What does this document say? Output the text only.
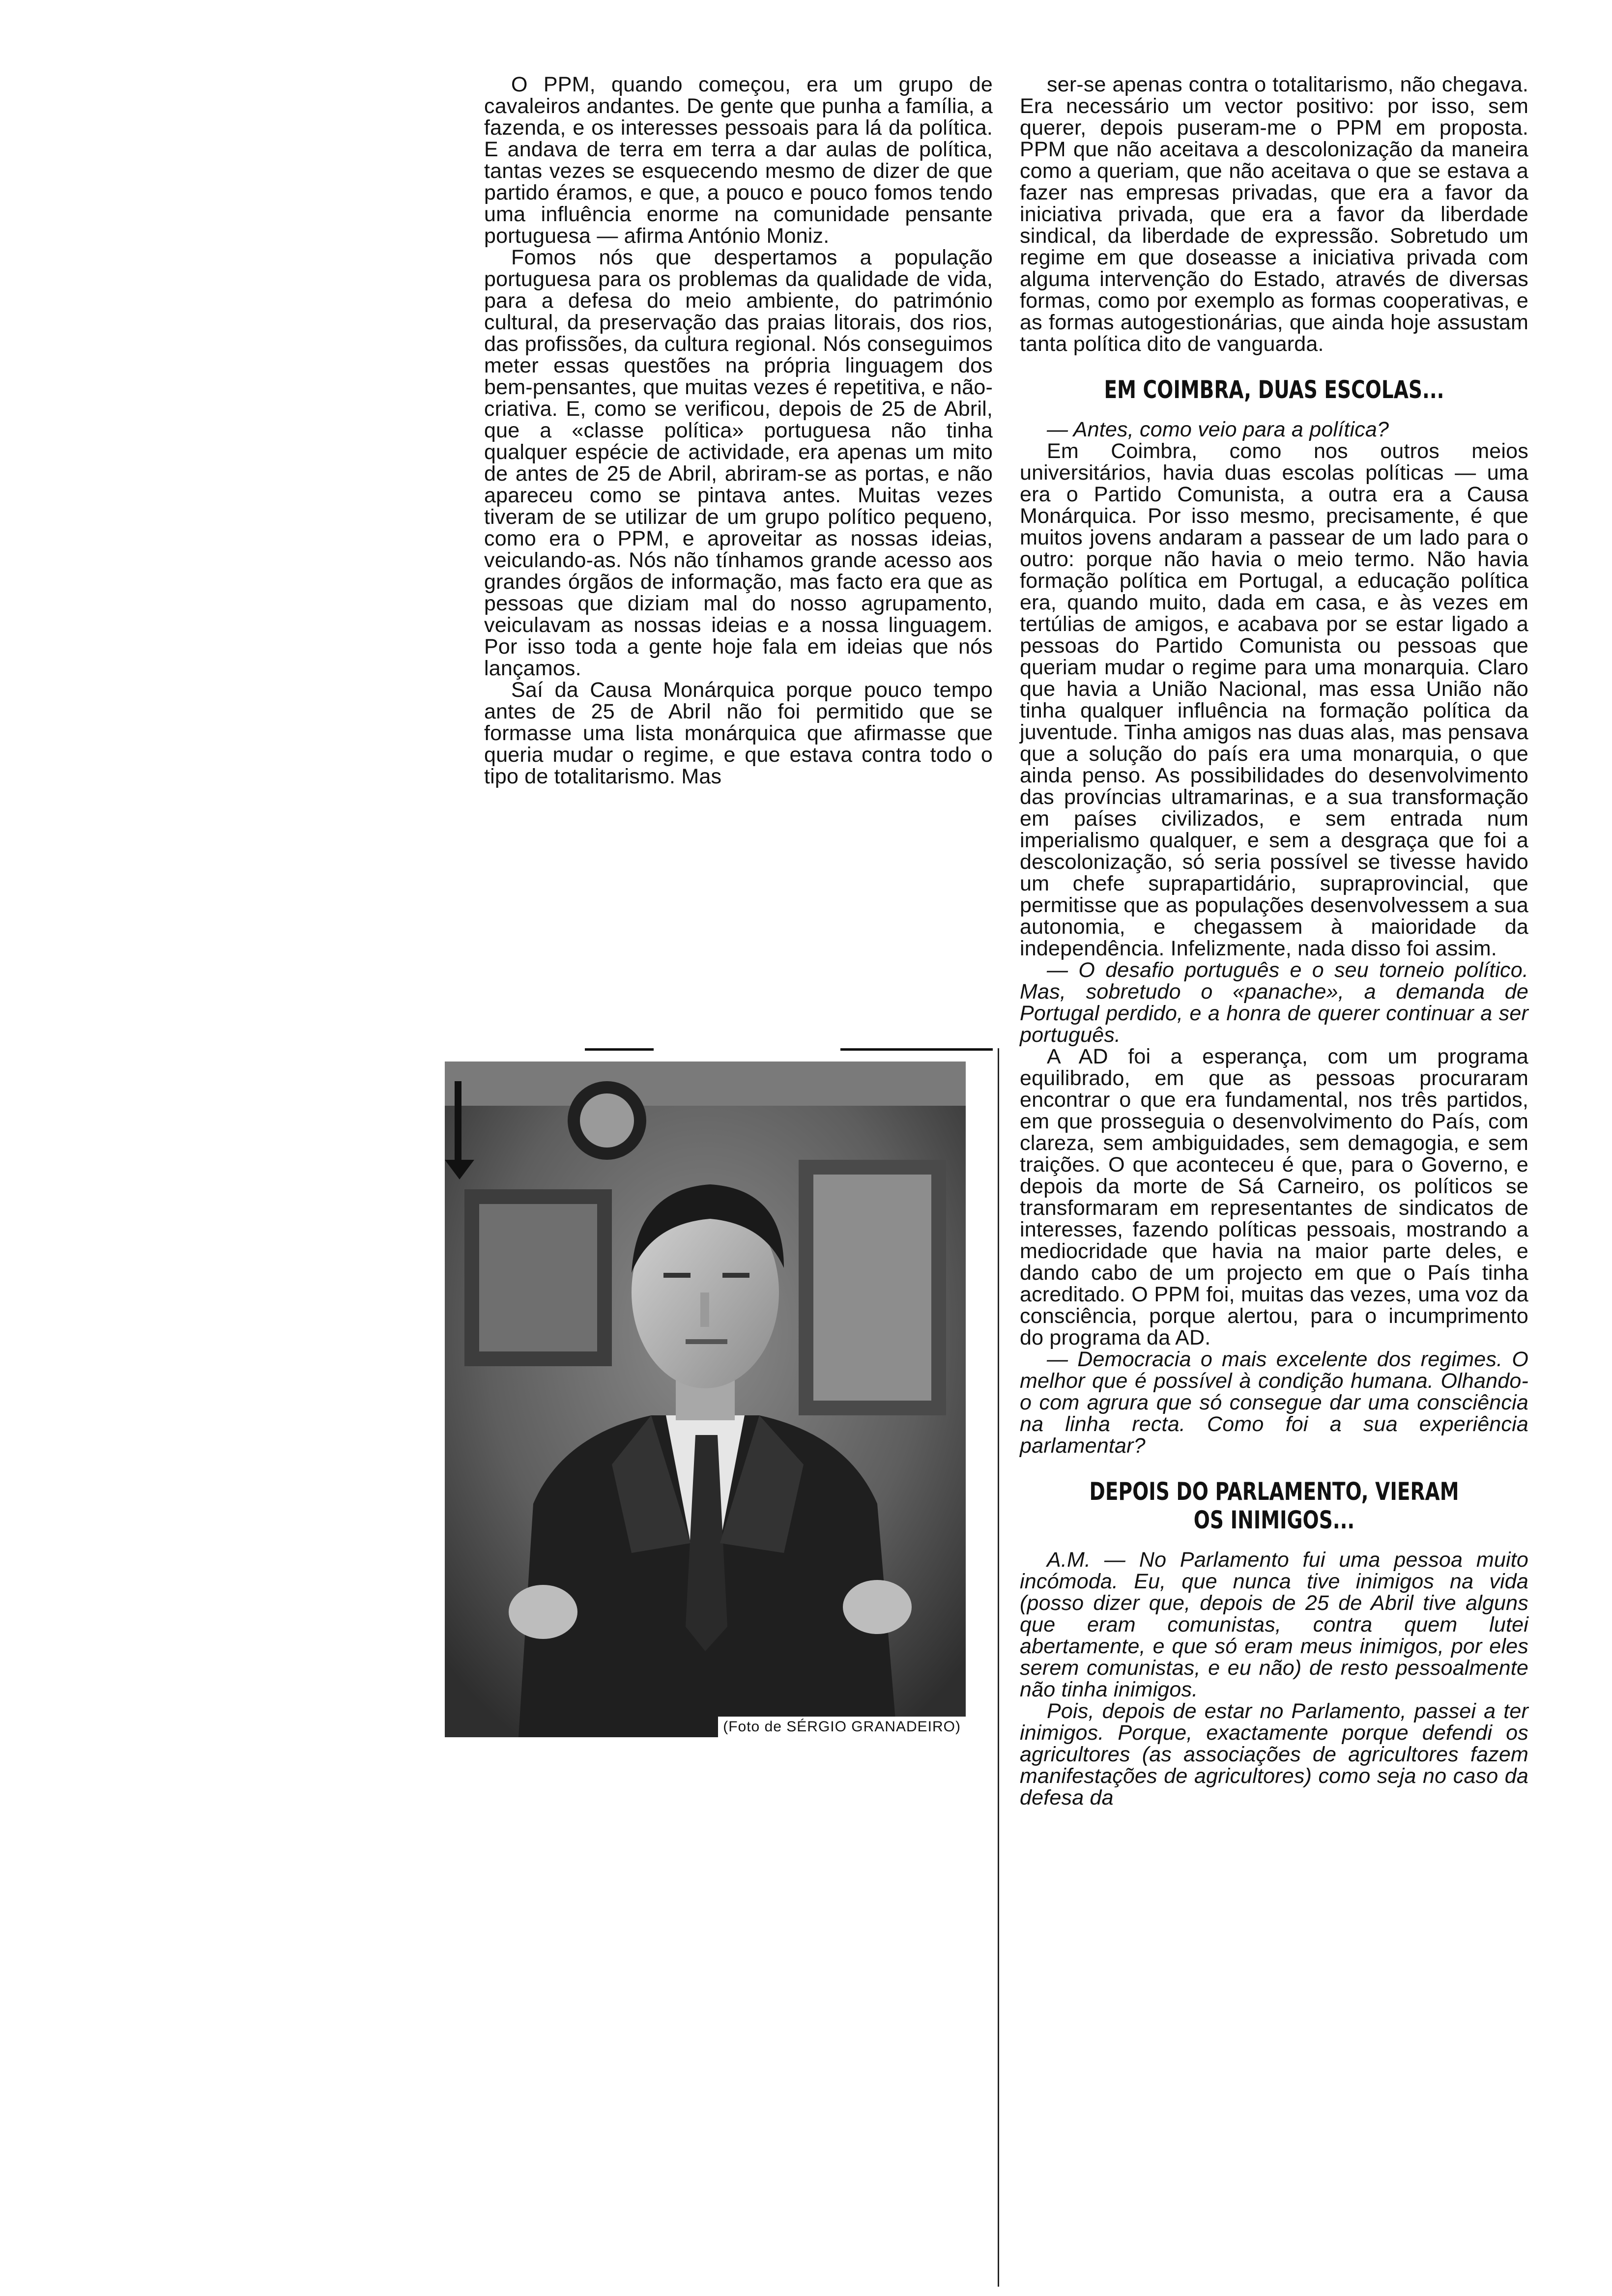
O PPM, quando começou, era um grupo de cavaleiros andantes. De gente que punha a família, a fazenda, e os interesses pessoais para lá da política. E andava de terra em terra a dar aulas de política, tantas vezes se esquecendo mesmo de dizer de que partido éramos, e que, a pouco e pouco fomos tendo uma influência enorme na comunidade pensante portuguesa — afirma António Moniz.

Fomos nós que despertamos a população portuguesa para os problemas da qualidade de vida, para a defesa do meio ambiente, do património cultural, da preservação das praias litorais, dos rios, das profissões, da cultura regional. Nós conseguimos meter essas questões na própria linguagem dos bem-pensantes, que muitas vezes é repetitiva, e não-criativa. E, como se verificou, depois de 25 de Abril, que a «classe política» portuguesa não tinha qualquer espécie de actividade, era apenas um mito de antes de 25 de Abril, abriram-se as portas, e não apareceu como se pintava antes. Muitas vezes tiveram de se utilizar de um grupo político pequeno, como era o PPM, e aproveitar as nossas ideias, veiculando-as. Nós não tínhamos grande acesso aos grandes órgãos de informação, mas facto era que as pessoas que diziam mal do nosso agrupamento, veiculavam as nossas ideias e a nossa linguagem. Por isso toda a gente hoje fala em ideias que nós lançamos.

Saí da Causa Monárquica porque pouco tempo antes de 25 de Abril não foi permitido que se formasse uma lista monárquica que afirmasse que queria mudar o regime, e que estava contra todo o tipo de totalitarismo. Mas

(Foto de SÉRGIO GRANADEIRO)

ser-se apenas contra o totalitarismo, não chegava. Era necessário um vector positivo: por isso, sem querer, depois puseram-me o PPM em proposta. PPM que não aceitava a descolonização da maneira como a queriam, que não aceitava o que se estava a fazer nas empresas privadas, que era a favor da iniciativa privada, que era a favor da liberdade sindical, da liberdade de expressão. Sobretudo um regime em que doseasse a iniciativa privada com alguma intervenção do Estado, através de diversas formas, como por exemplo as formas cooperativas, e as formas autogestionárias, que ainda hoje assustam tanta política dito de vanguarda.

EM COIMBRA, DUAS ESCOLAS...

— Antes, como veio para a política?

Em Coimbra, como nos outros meios universitários, havia duas escolas políticas — uma era o Partido Comunista, a outra era a Causa Monárquica. Por isso mesmo, precisamente, é que muitos jovens andaram a passear de um lado para o outro: porque não havia o meio termo. Não havia formação política em Portugal, a educação política era, quando muito, dada em casa, e às vezes em tertúlias de amigos, e acabava por se estar ligado a pessoas do Partido Comunista ou pessoas que queriam mudar o regime para uma monarquia. Claro que havia a União Nacional, mas essa União não tinha qualquer influência na formação política da juventude. Tinha amigos nas duas alas, mas pensava que a solução do país era uma monarquia, o que ainda penso. As possibilidades do desenvolvimento das províncias ultramarinas, e a sua transformação em países civilizados, e sem entrada num imperialismo qualquer, e sem a desgraça que foi a descolonização, só seria possível se tivesse havido um chefe suprapartidário, supraprovincial, que permitisse que as populações desenvolvessem a sua autonomia, e chegassem à maioridade da independência. Infelizmente, nada disso foi assim.

— O desafio português e o seu torneio político. Mas, sobretudo o «panache», a demanda de Portugal perdido, e a honra de querer continuar a ser português.

A AD foi a esperança, com um programa equilibrado, em que as pessoas procuraram encontrar o que era fundamental, nos três partidos, em que prosseguia o desenvolvimento do País, com clareza, sem ambiguidades, sem demagogia, e sem traições. O que aconteceu é que, para o Governo, e depois da morte de Sá Carneiro, os políticos se transformaram em representantes de sindicatos de interesses, fazendo políticas pessoais, mostrando a mediocridade que havia na maior parte deles, e dando cabo de um projecto em que o País tinha acreditado. O PPM foi, muitas das vezes, uma voz da consciência, porque alertou, para o incumprimento do programa da AD.

— Democracia o mais excelente dos regimes. O melhor que é possível à condição humana. Olhando-o com agrura que só consegue dar uma consciência na linha recta. Como foi a sua experiência parlamentar?

DEPOIS DO PARLAMENTO, VIERAM OS INIMIGOS...

A.M. — No Parlamento fui uma pessoa muito incómoda. Eu, que nunca tive inimigos na vida (posso dizer que, depois de 25 de Abril tive alguns que eram comunistas, contra quem lutei abertamente, e que só eram meus inimigos, por eles serem comunistas, e eu não) de resto pessoalmente não tinha inimigos.

Pois, depois de estar no Parlamento, passei a ter inimigos. Porque, exactamente porque defendi os agricultores (as associações de agricultores fazem manifestações de agricultores) como seja no caso da defesa da
